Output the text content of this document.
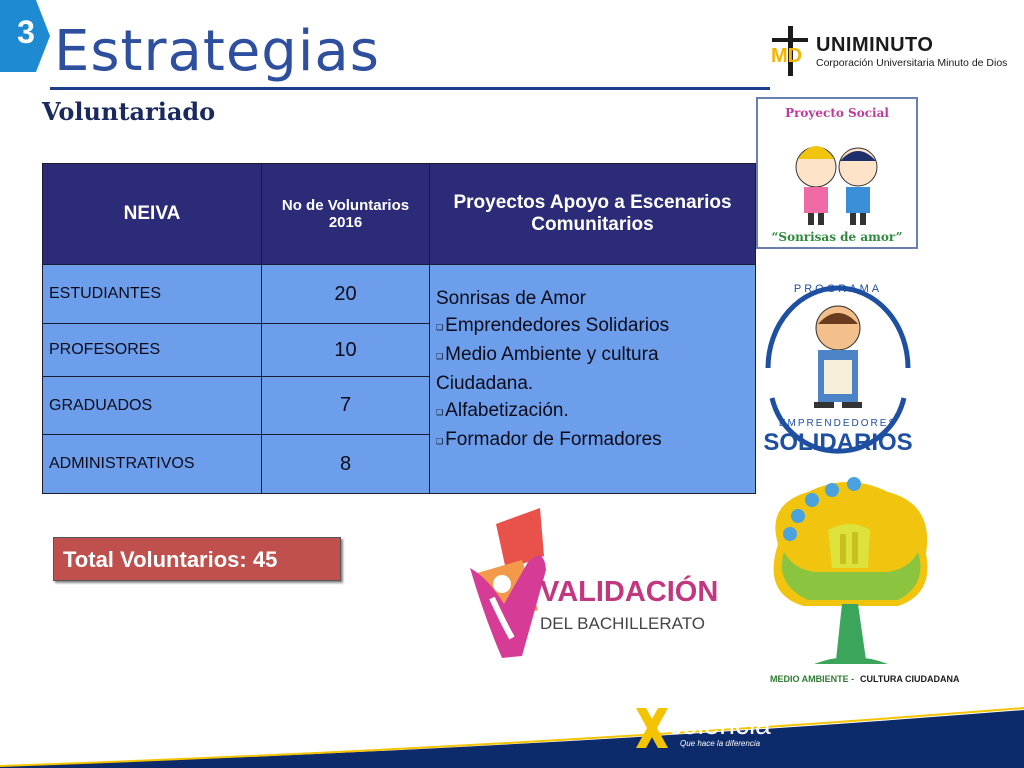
3 Estrategias
Voluntariado
MD UNIMINUTO
Corporación Universitaria Minuto de Dios
NEIVA	No de Voluntarios 2016	Proyectos Apoyo a Escenarios Comunitarios
ESTUDIANTES	20	Sonrisas de Amor
❑ Emprendedores Solidarios
❑ Medio Ambiente y cultura Ciudadana.
❑ Alfabetización.
❑ Formador de Formadores

PROFESORES	10	
GRADUADOS	7	
ADMINISTRATIVOS	8	
Total Voluntarios: 45
Proyecto Social
“Sonrisas de amor”
PROGRAMA
EMPRENDEDORES
SOLIDARIOS
VALIDACIÓN
DEL BACHILLERATO
MEDIO AMBIENTE - CULTURA CIUDADANA
E celencia
Que hace la diferencia
